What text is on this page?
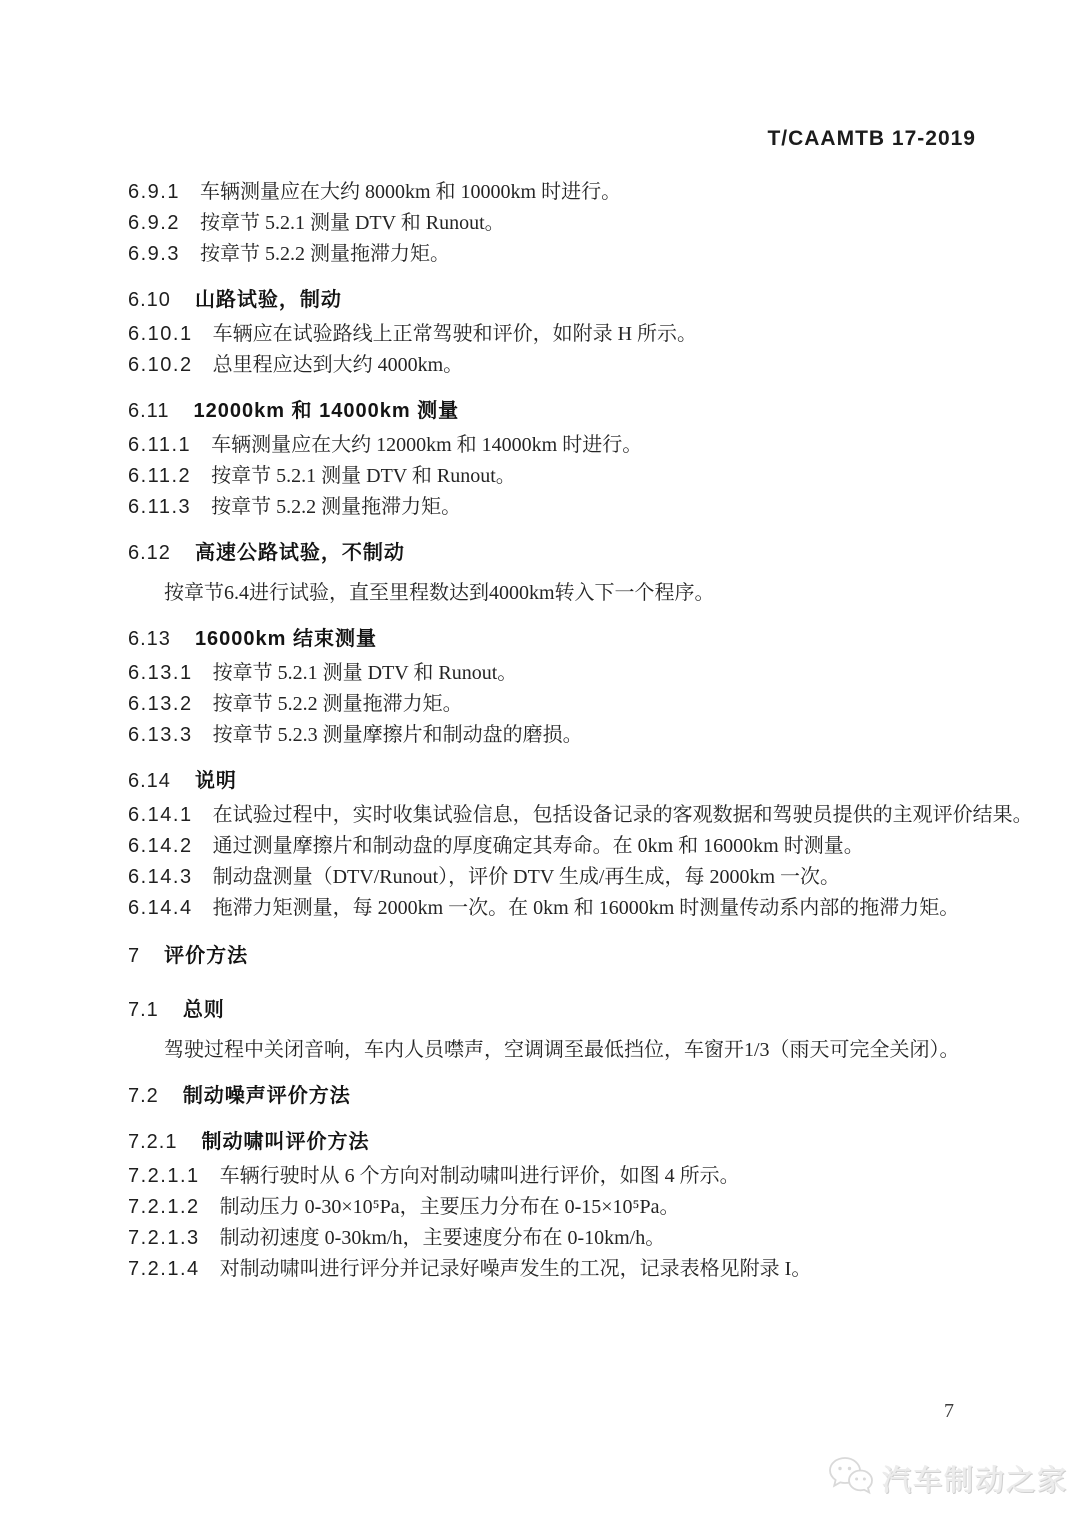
T/CAAMTB 17-2019
6.9.1 车辆测量应在大约 8000km 和 10000km 时进行。
6.9.2 按章节 5.2.1 测量 DTV 和 Runout。
6.9.3 按章节 5.2.2 测量拖滞力矩。
6.10 山路试验，制动
6.10.1 车辆应在试验路线上正常驾驶和评价，如附录 H 所示。
6.10.2 总里程应达到大约 4000km。
6.11 12000km 和 14000km 测量
6.11.1 车辆测量应在大约 12000km 和 14000km 时进行。
6.11.2 按章节 5.2.1 测量 DTV 和 Runout。
6.11.3 按章节 5.2.2 测量拖滞力矩。
6.12 高速公路试验，不制动
按章节6.4进行试验，直至里程数达到4000km转入下一个程序。
6.13 16000km 结束测量
6.13.1 按章节 5.2.1 测量 DTV 和 Runout。
6.13.2 按章节 5.2.2 测量拖滞力矩。
6.13.3 按章节 5.2.3 测量摩擦片和制动盘的磨损。
6.14 说明
6.14.1 在试验过程中，实时收集试验信息，包括设备记录的客观数据和驾驶员提供的主观评价结果。
6.14.2 通过测量摩擦片和制动盘的厚度确定其寿命。在 0km 和 16000km 时测量。
6.14.3 制动盘测量（DTV/Runout），评价 DTV 生成/再生成，每 2000km 一次。
6.14.4 拖滞力矩测量，每 2000km 一次。在 0km 和 16000km 时测量传动系内部的拖滞力矩。
7 评价方法
7.1 总则
驾驶过程中关闭音响，车内人员噤声，空调调至最低挡位，车窗开1/3（雨天可完全关闭）。
7.2 制动噪声评价方法
7.2.1 制动啸叫评价方法
7.2.1.1 车辆行驶时从 6 个方向对制动啸叫进行评价，如图 4 所示。
7.2.1.2 制动压力 0-30×10⁵Pa，主要压力分布在 0-15×10⁵Pa。
7.2.1.3 制动初速度 0-30km/h，主要速度分布在 0-10km/h。
7.2.1.4 对制动啸叫进行评分并记录好噪声发生的工况，记录表格见附录 I。
7
汽车制动之家
